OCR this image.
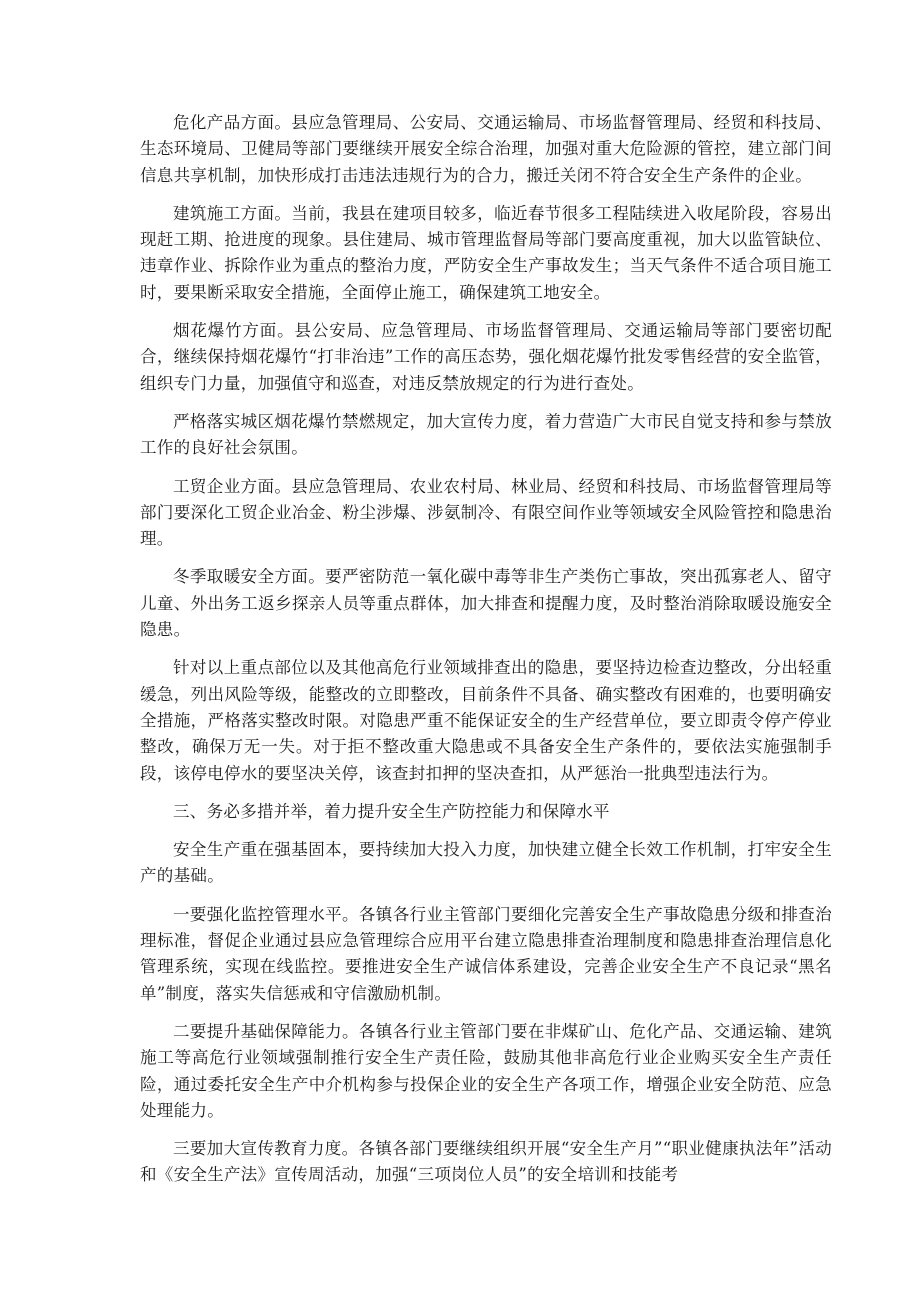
危化产品方面。县应急管理局、公安局、交通运输局、市场监督管理局、经贸和科技局、生态环境局、卫健局等部门要继续开展安全综合治理，加强对重大危险源的管控，建立部门间信息共享机制，加快形成打击违法违规行为的合力，搬迁关闭不符合安全生产条件的企业。

建筑施工方面。当前，我县在建项目较多，临近春节很多工程陆续进入收尾阶段，容易出现赶工期、抢进度的现象。县住建局、城市管理监督局等部门要高度重视，加大以监管缺位、违章作业、拆除作业为重点的整治力度，严防安全生产事故发生；当天气条件不适合项目施工时，要果断采取安全措施，全面停止施工，确保建筑工地安全。

烟花爆竹方面。县公安局、应急管理局、市场监督管理局、交通运输局等部门要密切配合，继续保持烟花爆竹“打非治违”工作的高压态势，强化烟花爆竹批发零售经营的安全监管，组织专门力量，加强值守和巡查，对违反禁放规定的行为进行查处。

严格落实城区烟花爆竹禁燃规定，加大宣传力度，着力营造广大市民自觉支持和参与禁放工作的良好社会氛围。

工贸企业方面。县应急管理局、农业农村局、林业局、经贸和科技局、市场监督管理局等部门要深化工贸企业冶金、粉尘涉爆、涉氨制冷、有限空间作业等领域安全风险管控和隐患治理。

冬季取暖安全方面。要严密防范一氧化碳中毒等非生产类伤亡事故，突出孤寡老人、留守儿童、外出务工返乡探亲人员等重点群体，加大排查和提醒力度，及时整治消除取暖设施安全隐患。

针对以上重点部位以及其他高危行业领域排查出的隐患，要坚持边检查边整改，分出轻重缓急，列出风险等级，能整改的立即整改，目前条件不具备、确实整改有困难的，也要明确安全措施，严格落实整改时限。对隐患严重不能保证安全的生产经营单位，要立即责令停产停业整改，确保万无一失。对于拒不整改重大隐患或不具备安全生产条件的，要依法实施强制手段，该停电停水的要坚决关停，该查封扣押的坚决查扣，从严惩治一批典型违法行为。

三、务必多措并举，着力提升安全生产防控能力和保障水平

安全生产重在强基固本，要持续加大投入力度，加快建立健全长效工作机制，打牢安全生产的基础。

一要强化监控管理水平。各镇各行业主管部门要细化完善安全生产事故隐患分级和排查治理标准，督促企业通过县应急管理综合应用平台建立隐患排查治理制度和隐患排查治理信息化管理系统，实现在线监控。要推进安全生产诚信体系建设，完善企业安全生产不良记录“黑名单”制度，落实失信惩戒和守信激励机制。

二要提升基础保障能力。各镇各行业主管部门要在非煤矿山、危化产品、交通运输、建筑施工等高危行业领域强制推行安全生产责任险，鼓励其他非高危行业企业购买安全生产责任险，通过委托安全生产中介机构参与投保企业的安全生产各项工作，增强企业安全防范、应急处理能力。

三要加大宣传教育力度。各镇各部门要继续组织开展“安全生产月”“职业健康执法年”活动和《安全生产法》宣传周活动，加强“三项岗位人员”的安全培训和技能考
